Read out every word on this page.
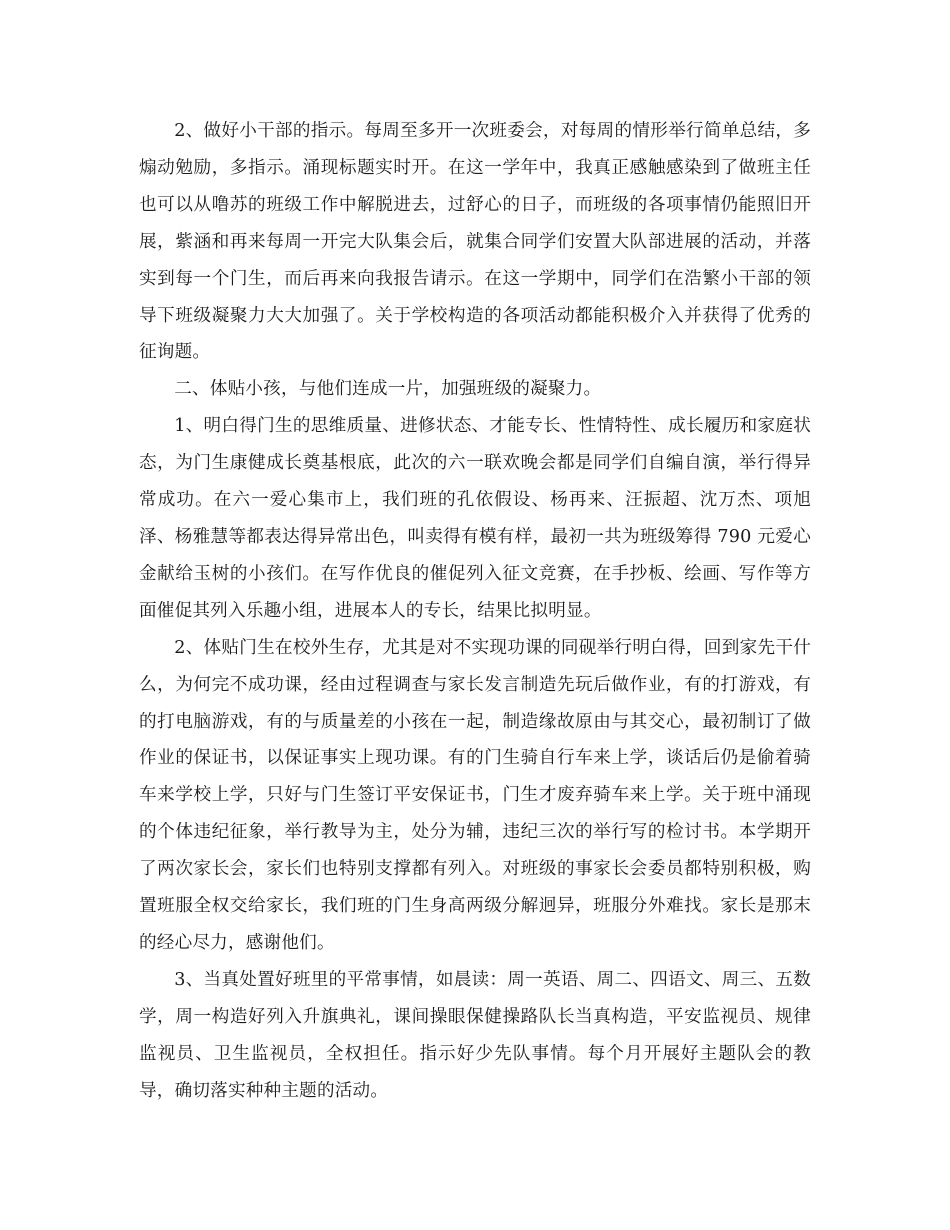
2、做好小干部的指示。每周至多开一次班委会，对每周的情形举行简单总结，多煽动勉励，多指示。涌现标题实时开。在这一学年中，我真正感触感染到了做班主任也可以从噜苏的班级工作中解脱进去，过舒心的日子，而班级的各项事情仍能照旧开展，紫涵和再来每周一开完大队集会后，就集合同学们安置大队部进展的活动，并落实到每一个门生，而后再来向我报告请示。在这一学期中，同学们在浩繁小干部的领导下班级凝聚力大大加强了。关于学校构造的各项活动都能积极介入并获得了优秀的征询题。

二、体贴小孩，与他们连成一片，加强班级的凝聚力。

1、明白得门生的思维质量、进修状态、才能专长、性情特性、成长履历和家庭状态，为门生康健成长奠基根底，此次的六一联欢晚会都是同学们自编自演，举行得异常成功。在六一爱心集市上，我们班的孔依假设、杨再来、汪振超、沈万杰、项旭泽、杨雅慧等都表达得异常出色，叫卖得有模有样，最初一共为班级筹得 790 元爱心金献给玉树的小孩们。在写作优良的催促列入征文竞赛，在手抄板、绘画、写作等方面催促其列入乐趣小组，进展本人的专长，结果比拟明显。

2、体贴门生在校外生存，尤其是对不实现功课的同砚举行明白得，回到家先干什么，为何完不成功课，经由过程调查与家长发言制造先玩后做作业，有的打游戏，有的打电脑游戏，有的与质量差的小孩在一起，制造缘故原由与其交心，最初制订了做作业的保证书，以保证事实上现功课。有的门生骑自行车来上学，谈话后仍是偷着骑车来学校上学，只好与门生签订平安保证书，门生才废弃骑车来上学。关于班中涌现的个体违纪征象，举行教导为主，处分为辅，违纪三次的举行写的检讨书。本学期开了两次家长会，家长们也特别支撑都有列入。对班级的事家长会委员都特别积极，购置班服全权交给家长，我们班的门生身高两级分解迥异，班服分外难找。家长是那末的经心尽力，感谢他们。

3、当真处置好班里的平常事情，如晨读：周一英语、周二、四语文、周三、五数学，周一构造好列入升旗典礼，课间操眼保健操路队长当真构造，平安监视员、规律监视员、卫生监视员，全权担任。指示好少先队事情。每个月开展好主题队会的教导，确切落实种种主题的活动。
